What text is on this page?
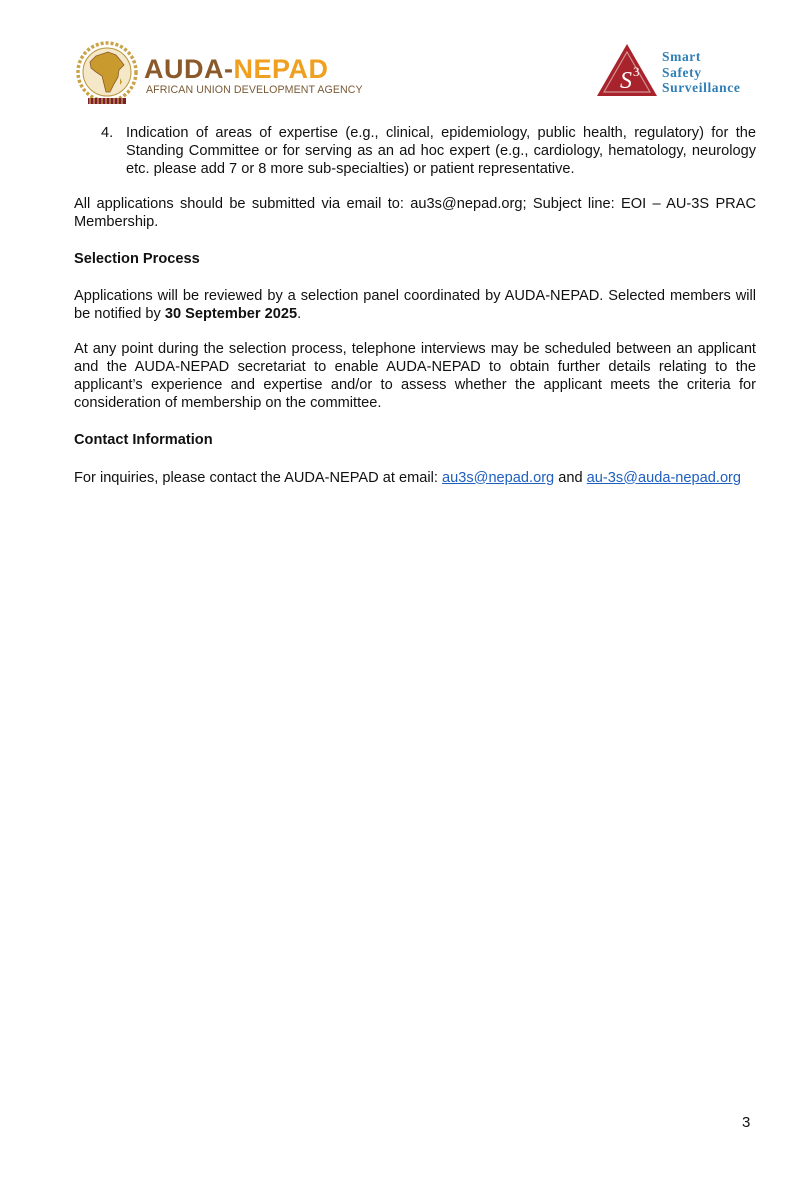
AUDA-NEPAD
AFRICAN UNION DEVELOPMENT AGENCY	S 3
Smart
Safety
Surveillance
4. Indication of areas of expertise (e.g., clinical, epidemiology, public health, regulatory) for the Standing Committee or for serving as an ad hoc expert (e.g., cardiology, hematology, neurology etc. please add 7 or 8 more sub-specialties) or patient representative.

All applications should be submitted via email to: au3s@nepad.org; Subject line: EOI – AU-3S PRAC Membership.

Selection Process

Applications will be reviewed by a selection panel coordinated by AUDA-NEPAD. Selected members will be notified by 30 September 2025.

At any point during the selection process, telephone interviews may be scheduled between an applicant and the AUDA-NEPAD secretariat to enable AUDA-NEPAD to obtain further details relating to the applicant’s experience and expertise and/or to assess whether the applicant meets the criteria for consideration of membership on the committee.

Contact Information

For inquiries, please contact the AUDA-NEPAD at email: au3s@nepad.org and au-3s@auda-nepad.org

3
